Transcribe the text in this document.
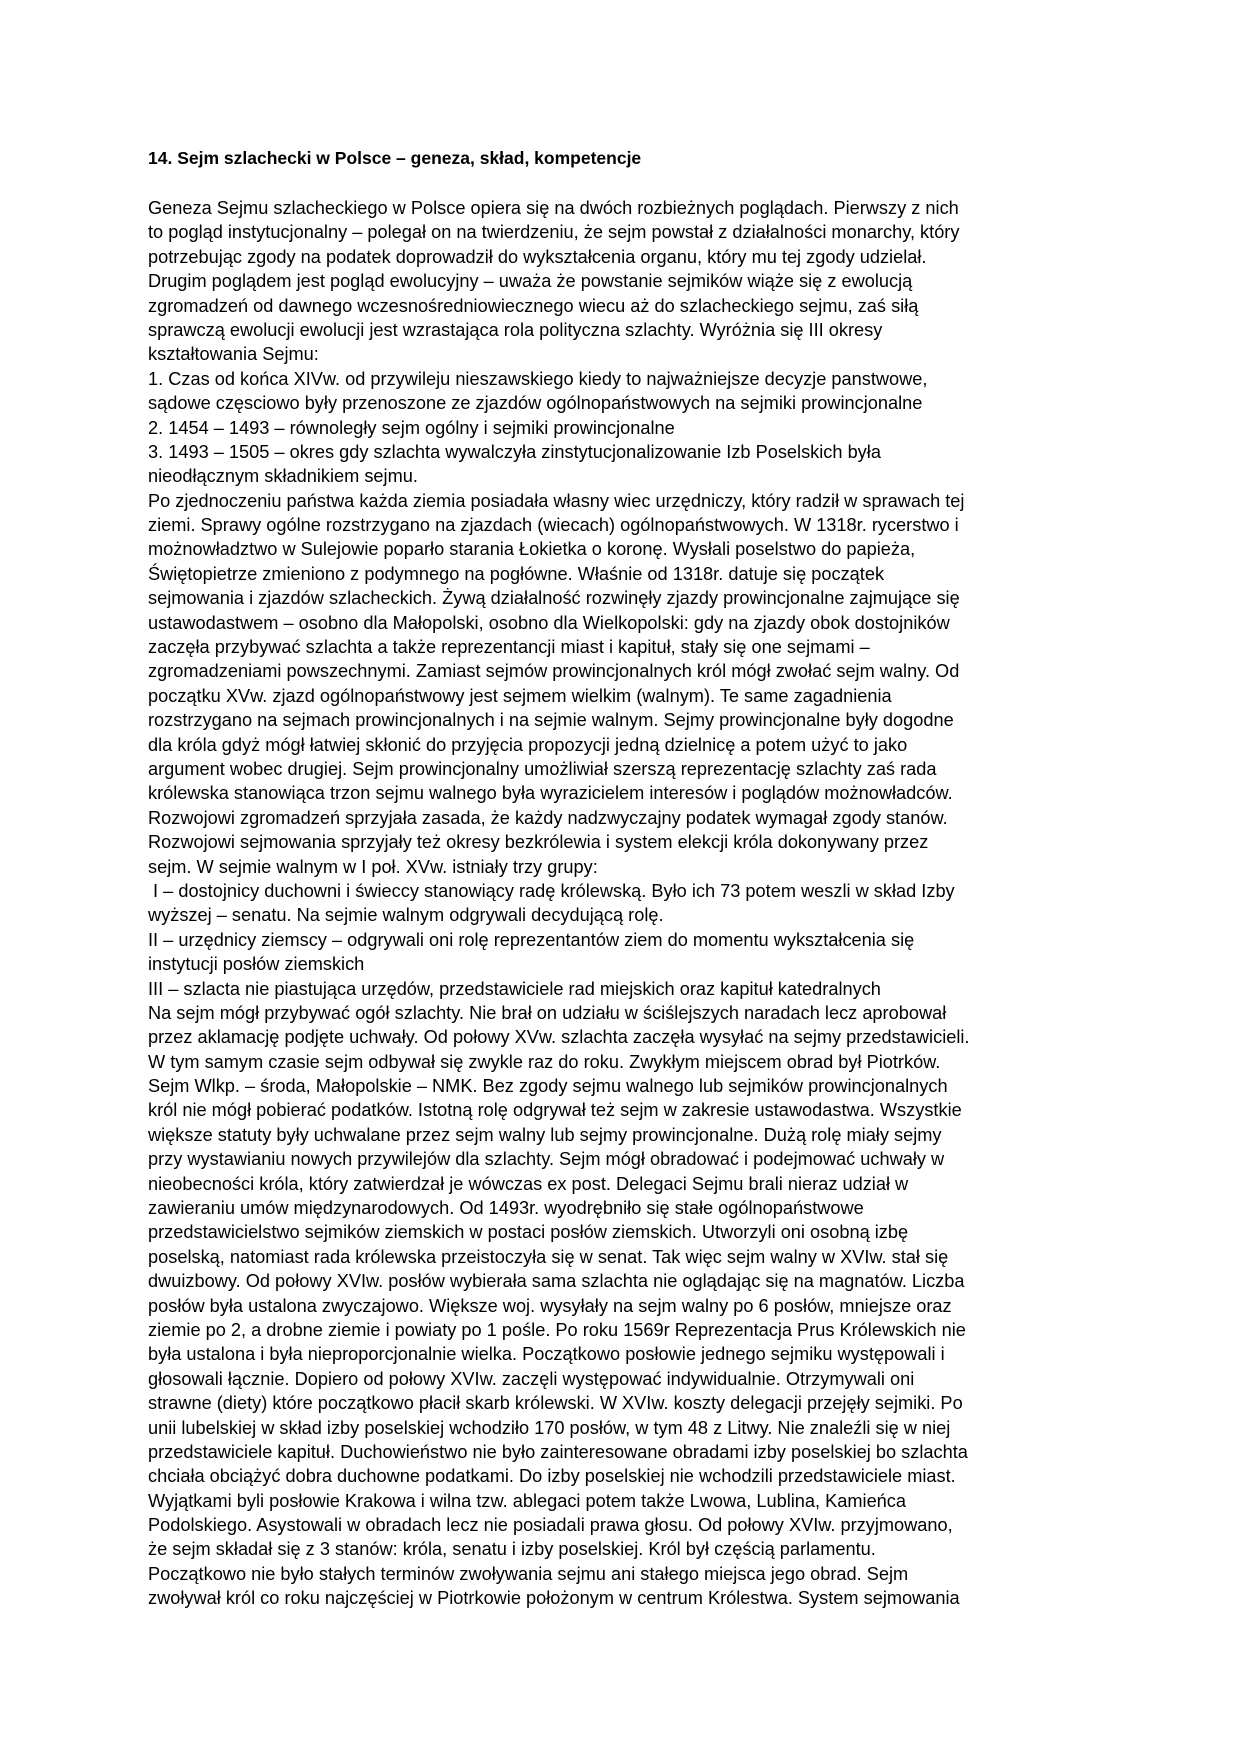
14. Sejm szlachecki w Polsce – geneza, skład, kompetencje
Geneza Sejmu szlacheckiego w Polsce opiera się na dwóch rozbieżnych poglądach. Pierwszy z nich
to pogląd instytucjonalny – polegał on na twierdzeniu, że sejm powstał z działalności monarchy, który
potrzebując zgody na podatek doprowadził do wykształcenia organu, który mu tej zgody udzielał.
Drugim poglądem jest pogląd ewolucyjny – uważa że powstanie sejmików wiąże się z ewolucją
zgromadzeń od dawnego wczesnośredniowiecznego wiecu aż do szlacheckiego sejmu, zaś siłą
sprawczą ewolucji ewolucji jest wzrastająca rola polityczna szlachty. Wyróżnia się III okresy
kształtowania Sejmu:
1. Czas od końca XIVw. od przywileju nieszawskiego kiedy to najważniejsze decyzje panstwowe,
sądowe częsciowo były przenoszone ze zjazdów ogólnopaństwowych na sejmiki prowincjonalne
2. 1454 – 1493 – równoległy sejm ogólny i sejmiki prowincjonalne
3. 1493 – 1505 – okres gdy szlachta wywalczyła zinstytucjonalizowanie Izb Poselskich była
nieodłącznym składnikiem sejmu.
Po zjednoczeniu państwa każda ziemia posiadała własny wiec urzędniczy, który radził w sprawach tej
ziemi. Sprawy ogólne rozstrzygano na zjazdach (wiecach) ogólnopaństwowych. W 1318r. rycerstwo i
możnowładztwo w Sulejowie poparło starania Łokietka o koronę. Wysłali poselstwo do papieża,
Świętopietrze zmieniono z podymnego na pogłówne. Właśnie od 1318r. datuje się początek
sejmowania i zjazdów szlacheckich. Żywą działalność rozwinęły zjazdy prowincjonalne zajmujące się
ustawodastwem – osobno dla Małopolski, osobno dla Wielkopolski: gdy na zjazdy obok dostojników
zaczęła przybywać szlachta a także reprezentancji miast i kapituł, stały się one sejmami –
zgromadzeniami powszechnymi. Zamiast sejmów prowincjonalnych król mógł zwołać sejm walny. Od
początku XVw. zjazd ogólnopaństwowy jest sejmem wielkim (walnym). Te same zagadnienia
rozstrzygano na sejmach prowincjonalnych i na sejmie walnym. Sejmy prowincjonalne były dogodne
dla króla gdyż mógł łatwiej skłonić do przyjęcia propozycji jedną dzielnicę a potem użyć to jako
argument wobec drugiej. Sejm prowincjonalny umożliwiał szerszą reprezentację szlachty zaś rada
królewska stanowiąca trzon sejmu walnego była wyrazicielem interesów i poglądów możnowładców.
Rozwojowi zgromadzeń sprzyjała zasada, że każdy nadzwyczajny podatek wymagał zgody stanów.
Rozwojowi sejmowania sprzyjały też okresy bezkrólewia i system elekcji króla dokonywany przez
sejm. W sejmie walnym w I poł. XVw. istniały trzy grupy:
I – dostojnicy duchowni i świeccy stanowiący radę królewską. Było ich 73 potem weszli w skład Izby
wyższej – senatu. Na sejmie walnym odgrywali decydującą rolę.
II – urzędnicy ziemscy – odgrywali oni rolę reprezentantów ziem do momentu wykształcenia się
instytucji posłów ziemskich
III – szlacta nie piastująca urzędów, przedstawiciele rad miejskich oraz kapituł katedralnych
Na sejm mógł przybywać ogół szlachty. Nie brał on udziału w ściślejszych naradach lecz aprobował
przez aklamację podjęte uchwały. Od połowy XVw. szlachta zaczęła wysyłać na sejmy przedstawicieli.
W tym samym czasie sejm odbywał się zwykle raz do roku. Zwykłym miejscem obrad był Piotrków.
Sejm Wlkp. – środa, Małopolskie – NMK. Bez zgody sejmu walnego lub sejmików prowincjonalnych
król nie mógł pobierać podatków. Istotną rolę odgrywał też sejm w zakresie ustawodastwa. Wszystkie
większe statuty były uchwalane przez sejm walny lub sejmy prowincjonalne. Dużą rolę miały sejmy
przy wystawianiu nowych przywilejów dla szlachty. Sejm mógł obradować i podejmować uchwały w
nieobecności króla, który zatwierdzał je wówczas ex post. Delegaci Sejmu brali nieraz udział w
zawieraniu umów międzynarodowych. Od 1493r. wyodrębniło się stałe ogólnopaństwowe
przedstawicielstwo sejmików ziemskich w postaci posłów ziemskich. Utworzyli oni osobną izbę
poselską, natomiast rada królewska przeistoczyła się w senat. Tak więc sejm walny w XVIw. stał się
dwuizbowy. Od połowy XVIw. posłów wybierała sama szlachta nie oglądając się na magnatów. Liczba
posłów była ustalona zwyczajowo. Większe woj. wysyłały na sejm walny po 6 posłów, mniejsze oraz
ziemie po 2, a drobne ziemie i powiaty po 1 pośle. Po roku 1569r Reprezentacja Prus Królewskich nie
była ustalona i była nieproporcjonalnie wielka. Początkowo posłowie jednego sejmiku występowali i
głosowali łącznie. Dopiero od połowy XVIw. zaczęli występować indywidualnie. Otrzymywali oni
strawne (diety) które początkowo płacił skarb królewski. W XVIw. koszty delegacji przejęły sejmiki. Po
unii lubelskiej w skład izby poselskiej wchodziło 170 posłów, w tym 48 z Litwy. Nie znaleźli się w niej
przedstawiciele kapituł. Duchowieństwo nie było zainteresowane obradami izby poselskiej bo szlachta
chciała obciążyć dobra duchowne podatkami. Do izby poselskiej nie wchodzili przedstawiciele miast.
Wyjątkami byli posłowie Krakowa i wilna tzw. ablegaci potem także Lwowa, Lublina, Kamieńca
Podolskiego. Asystowali w obradach lecz nie posiadali prawa głosu. Od połowy XVIw. przyjmowano,
że sejm składał się z 3 stanów: króla, senatu i izby poselskiej. Król był częścią parlamentu.
Początkowo nie było stałych terminów zwoływania sejmu ani stałego miejsca jego obrad. Sejm
zwoływał król co roku najczęściej w Piotrkowie położonym w centrum Królestwa. System sejmowania
